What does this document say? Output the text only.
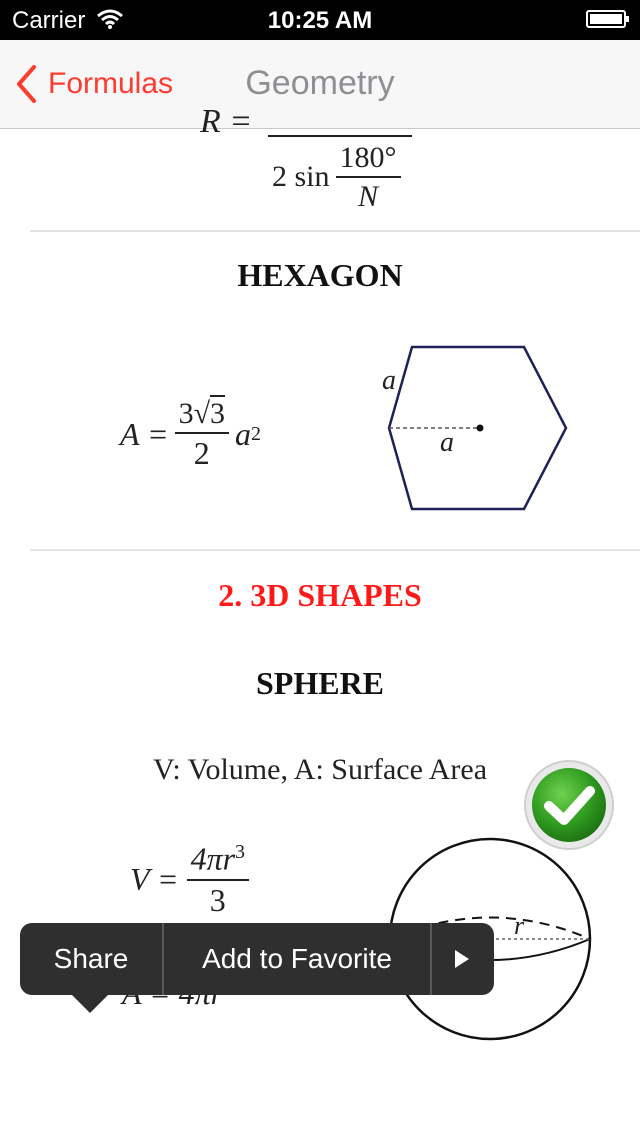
Carrier	10:25 AM
Formulas	Geometry
R =
2 $\sin \frac{180^\circ}{N}$
HEXAGON
$A = \frac{3√3}{2}$ a 2
a
a
2. 3D SHAPES
SPHERE
V: Volume, A: Surface Area
$V = \frac{4\pi r^3}{3}$
r
Share	Add to Favorite
